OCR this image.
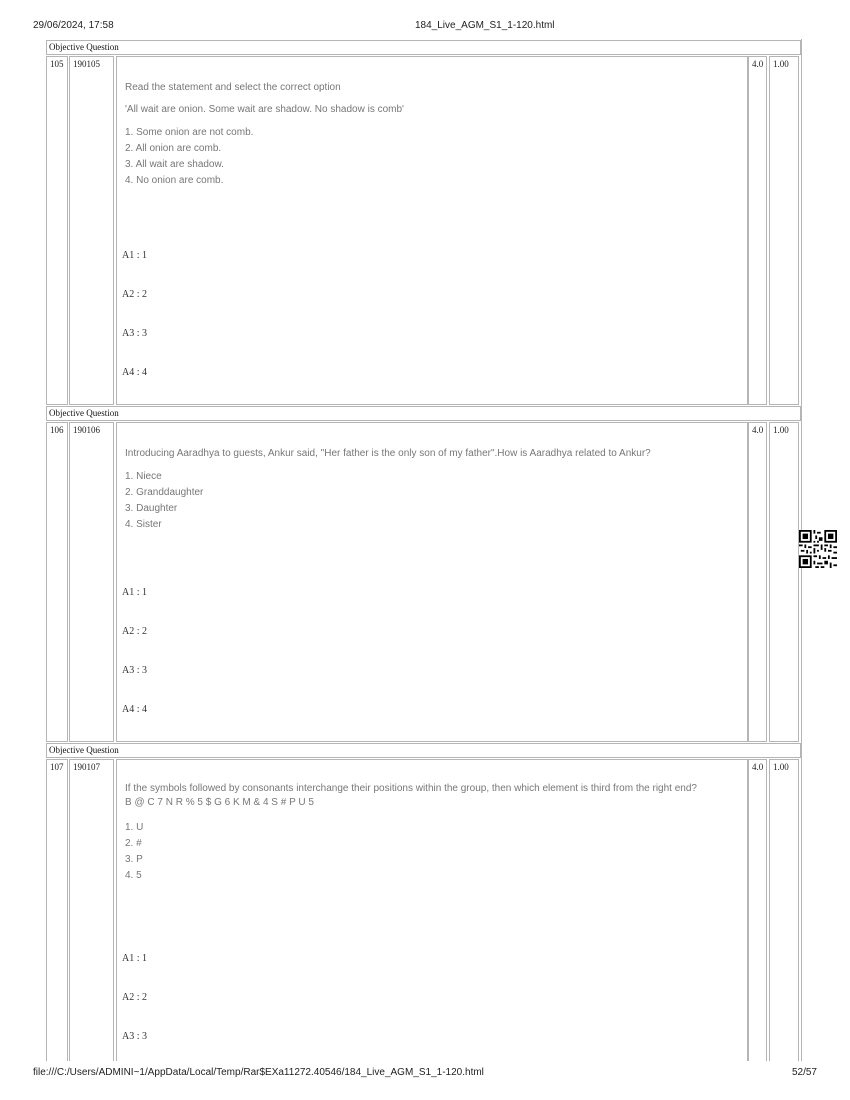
29/06/2024, 17:58	184_Live_AGM_S1_1-120.html
Objective Question
105	190105

Read the statement and select the correct option

'All wait are onion. Some wait are shadow. No shadow is comb'

1. Some onion are not comb.
2. All onion are comb.
3. All wait are shadow.
4. No onion are comb.
A1 : 1
A2 : 2
A3 : 3
A4 : 4
4.0	1.00
Objective Question
106	190106

Introducing Aaradhya to guests, Ankur said, "Her father is the only son of my father".How is Aaradhya related to Ankur?

1. Niece
2. Granddaughter
3. Daughter
4. Sister
A1 : 1
A2 : 2
A3 : 3
A4 : 4
4.0	1.00
Objective Question
107	190107
If the symbols followed by consonants interchange their positions within the group, then which element is third from the right end?

B @ C 7 N R % 5 $ G 6 K M & 4 S # P U 5

1. U
2. #
3. P
4. 5
A1 : 1
A2 : 2
A3 : 3
4.0	1.00
file:///C:/Users/ADMINI~1/AppData/Local/Temp/Rar$EXa11272.40546/184_Live_AGM_S1_1-120.html	52/57
